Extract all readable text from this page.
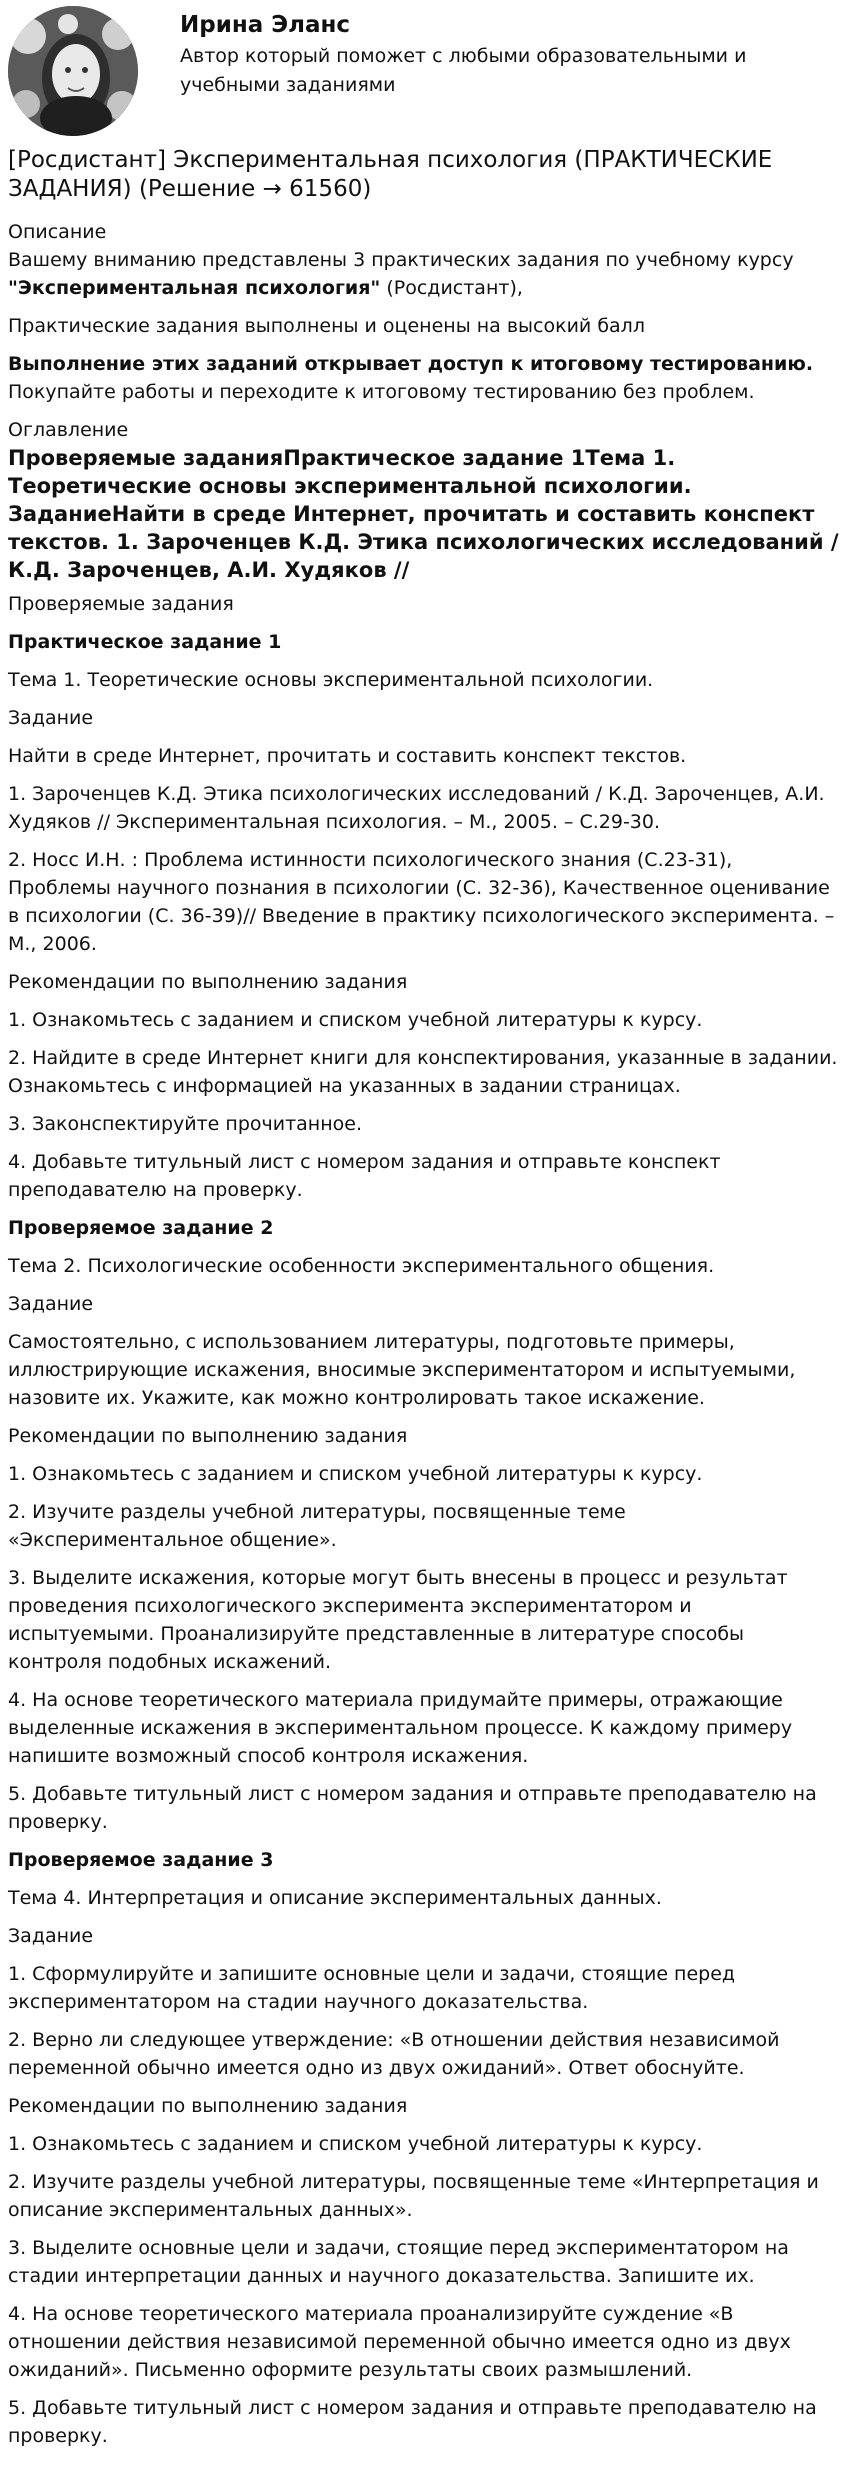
Ирина Эланс
Автор который поможет с любыми образовательными и учебными заданиями
[Росдистант] Экспериментальная психология (ПРАКТИЧЕСКИЕ ЗАДАНИЯ) (Решение → 61560)
Описание
Вашему вниманию представлены 3 практических задания по учебному курсу
"Экспериментальная психология" (Росдистант),
Практические задания выполнены и оценены на высокий балл
Выполнение этих заданий открывает доступ к итоговому тестированию.
Покупайте работы и переходите к итоговому тестированию без проблем.
Оглавление
Проверяемые заданияПрактическое задание 1Тема 1. Теоретические основы экспериментальной психологии. ЗаданиеНайти в среде Интернет, прочитать и составить конспект текстов. 1. Зароченцев К.Д. Этика психологических исследований / К.Д. Зароченцев, А.И. Худяков //
Проверяемые задания
Практическое задание 1
Тема 1. Теоретические основы экспериментальной психологии.
Задание
Найти в среде Интернет, прочитать и составить конспект текстов.
1. Зароченцев К.Д. Этика психологических исследований / К.Д. Зароченцев, А.И. Худяков // Экспериментальная психология. – М., 2005. – С.29-30.
2. Носс И.Н. : Проблема истинности психологического знания (С.23-31), Проблемы научного познания в психологии (С. 32-36), Качественное оценивание в психологии (С. 36-39)// Введение в практику психологического эксперимента. – М., 2006.
Рекомендации по выполнению задания
1. Ознакомьтесь с заданием и списком учебной литературы к курсу.
2. Найдите в среде Интернет книги для конспектирования, указанные в задании. Ознакомьтесь с информацией на указанных в задании страницах.
3. Законспектируйте прочитанное.
4. Добавьте титульный лист с номером задания и отправьте конспект преподавателю на проверку.
Проверяемое задание 2
Тема 2. Психологические особенности экспериментального общения.
Задание
Самостоятельно, с использованием литературы, подготовьте примеры, иллюстрирующие искажения, вносимые экспериментатором и испытуемыми, назовите их. Укажите, как можно контролировать такое искажение.
Рекомендации по выполнению задания
1. Ознакомьтесь с заданием и списком учебной литературы к курсу.
2. Изучите разделы учебной литературы, посвященные теме «Экспериментальное общение».
3. Выделите искажения, которые могут быть внесены в процесс и результат проведения психологического эксперимента экспериментатором и испытуемыми. Проанализируйте представленные в литературе способы контроля подобных искажений.
4. На основе теоретического материала придумайте примеры, отражающие выделенные искажения в экспериментальном процессе. К каждому примеру напишите возможный способ контроля искажения.
5. Добавьте титульный лист с номером задания и отправьте преподавателю на проверку.
Проверяемое задание 3
Тема 4. Интерпретация и описание экспериментальных данных.
Задание
1. Сформулируйте и запишите основные цели и задачи, стоящие перед экспериментатором на стадии научного доказательства.
2. Верно ли следующее утверждение: «В отношении действия независимой переменной обычно имеется одно из двух ожиданий». Ответ обоснуйте.
Рекомендации по выполнению задания
1. Ознакомьтесь с заданием и списком учебной литературы к курсу.
2. Изучите разделы учебной литературы, посвященные теме «Интерпретация и описание экспериментальных данных».
3. Выделите основные цели и задачи, стоящие перед экспериментатором на стадии интерпретации данных и научного доказательства. Запишите их.
4. На основе теоретического материала проанализируйте суждение «В отношении действия независимой переменной обычно имеется одно из двух ожиданий». Письменно оформите результаты своих размышлений.
5. Добавьте титульный лист с номером задания и отправьте преподавателю на проверку.
